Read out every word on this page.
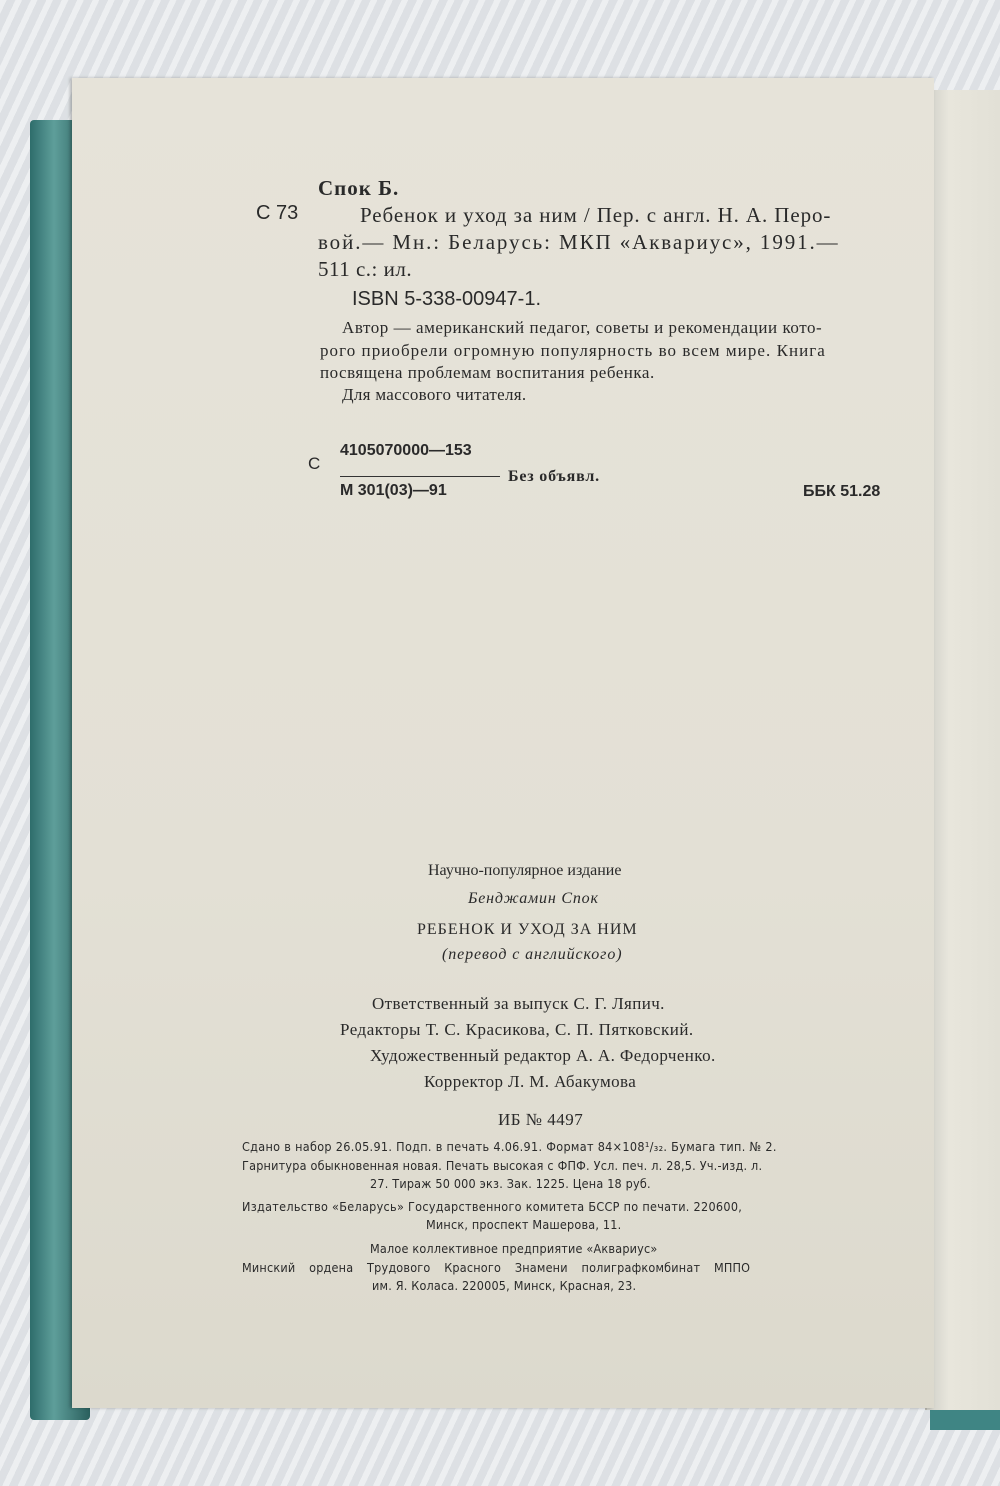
Спок Б.
С 73	Ребенок и уход за ним / Пер. с англ. Н. А. Перо-
вой.— Мн.: Беларусь: МКП «Аквариус», 1991.—
511 с.: ил.
ISBN 5-338-00947-1.
Автор — американский педагог, советы и рекомендации кото-
рого приобрели огромную популярность во всем мире. Книга
посвящена проблемам воспитания ребенка.
Для массового читателя.
С
4105070000—153
М 301(03)—91
Без объявл.
ББК 51.28
Научно-популярное издание
Бенджамин Спок
РЕБЕНОК И УХОД ЗА НИМ
(перевод с английского)
Ответственный за выпуск С. Г. Ляпич.
Редакторы Т. С. Красикова, С. П. Пятковский.
Художественный редактор А. А. Федорченко.
Корректор Л. М. Абакумова
ИБ № 4497
Сдано в набор 26.05.91. Подп. в печать 4.06.91. Формат 84×108¹/₃₂. Бумага тип. № 2.
Гарнитура обыкновенная новая. Печать высокая с ФПФ. Усл. печ. л. 28,5. Уч.-изд. л.
27. Тираж 50 000 экз. Зак. 1225. Цена 18 руб.
Издательство «Беларусь» Государственного комитета БССР по печати. 220600,
Минск, проспект Машерова, 11.
Малое коллективное предприятие «Аквариус»
Минский ордена Трудового Красного Знамени полиграфкомбинат МППО
им. Я. Коласа. 220005, Минск, Красная, 23.
